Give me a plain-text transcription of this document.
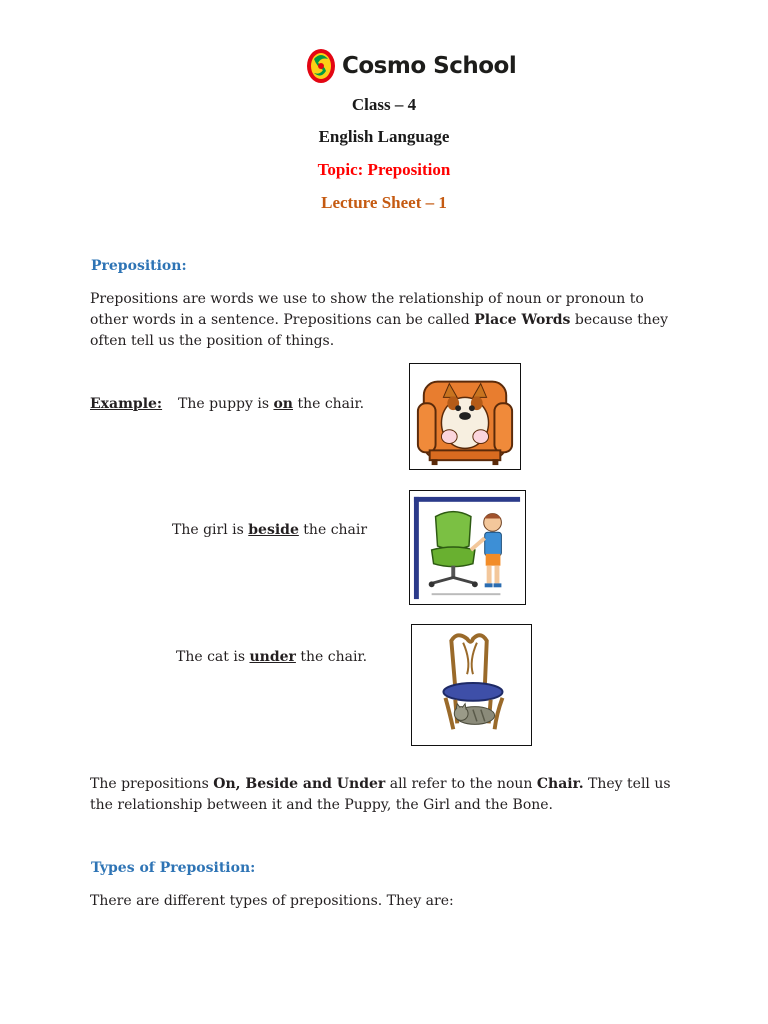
Cosmo School
Class – 4
English Language
Topic: Preposition
Lecture Sheet – 1
Preposition:
Prepositions are words we use to show the relationship of noun or pronoun to other words in a sentence. Prepositions can be called Place Words because they often tell us the position of things.
Example: The puppy is on the chair.
The girl is beside the chair
The cat is under the chair.
The prepositions On, Beside and Under all refer to the noun Chair. They tell us the relationship between it and the Puppy, the Girl and the Bone.
Types of Preposition:
There are different types of prepositions. They are:
